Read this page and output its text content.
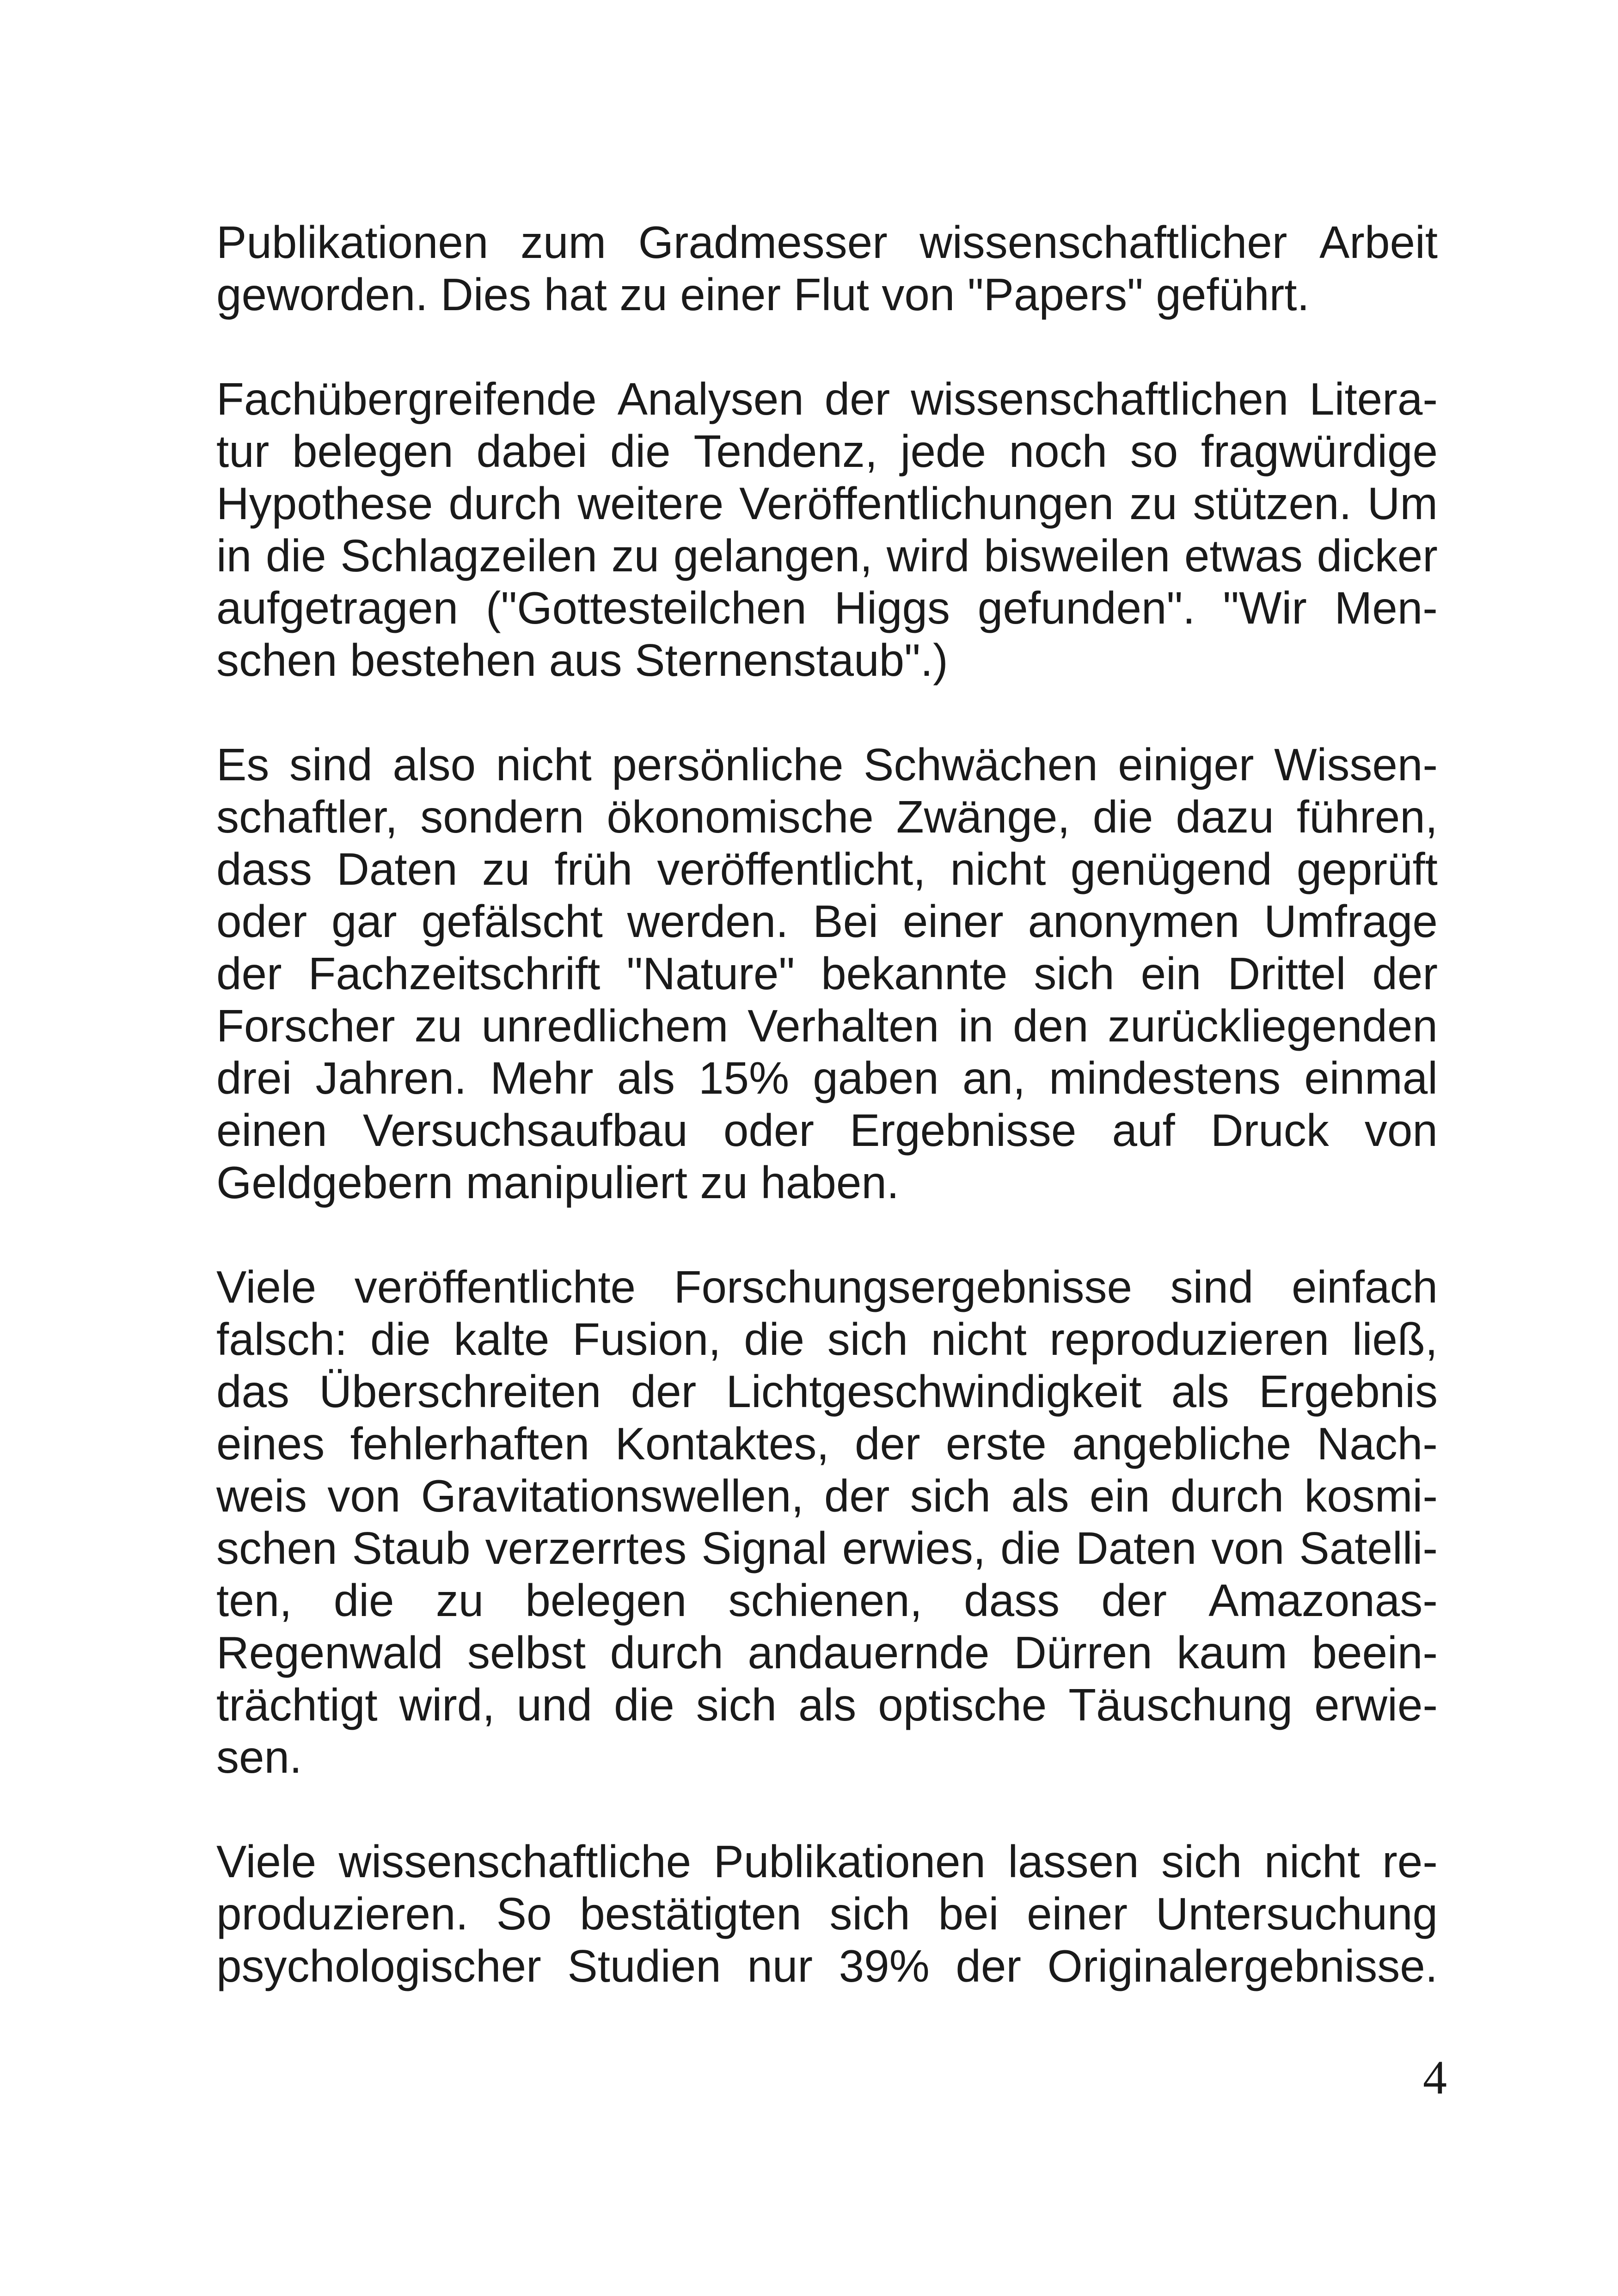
Publikationen zum Gradmesser wissenschaftlicher Arbeit
geworden. Dies hat zu einer Flut von "Papers" geführt.
Fachübergreifende Analysen der wissenschaftlichen Litera-
tur belegen dabei die Tendenz, jede noch so fragwürdige
Hypothese durch weitere Veröffentlichungen zu stützen. Um
in die Schlagzeilen zu gelangen, wird bisweilen etwas dicker
aufgetragen ("Gottesteilchen Higgs gefunden". "Wir Men-
schen bestehen aus Sternenstaub".)
Es sind also nicht persönliche Schwächen einiger Wissen-
schaftler, sondern ökonomische Zwänge, die dazu führen,
dass Daten zu früh veröffentlicht, nicht genügend geprüft
oder gar gefälscht werden. Bei einer anonymen Umfrage
der Fachzeitschrift "Nature" bekannte sich ein Drittel der
Forscher zu unredlichem Verhalten in den zurückliegenden
drei Jahren. Mehr als 15% gaben an, mindestens einmal
einen Versuchsaufbau oder Ergebnisse auf Druck von
Geldgebern manipuliert zu haben.
Viele veröffentlichte Forschungsergebnisse sind einfach
falsch: die kalte Fusion, die sich nicht reproduzieren ließ,
das Überschreiten der Lichtgeschwindigkeit als Ergebnis
eines fehlerhaften Kontaktes, der erste angebliche Nach-
weis von Gravitationswellen, der sich als ein durch kosmi-
schen Staub verzerrtes Signal erwies, die Daten von Satelli-
ten, die zu belegen schienen, dass der Amazonas-
Regenwald selbst durch andauernde Dürren kaum beein-
trächtigt wird, und die sich als optische Täuschung erwie-
sen.
Viele wissenschaftliche Publikationen lassen sich nicht re-
produzieren. So bestätigten sich bei einer Untersuchung
psychologischer Studien nur 39% der Originalergebnisse.
4
